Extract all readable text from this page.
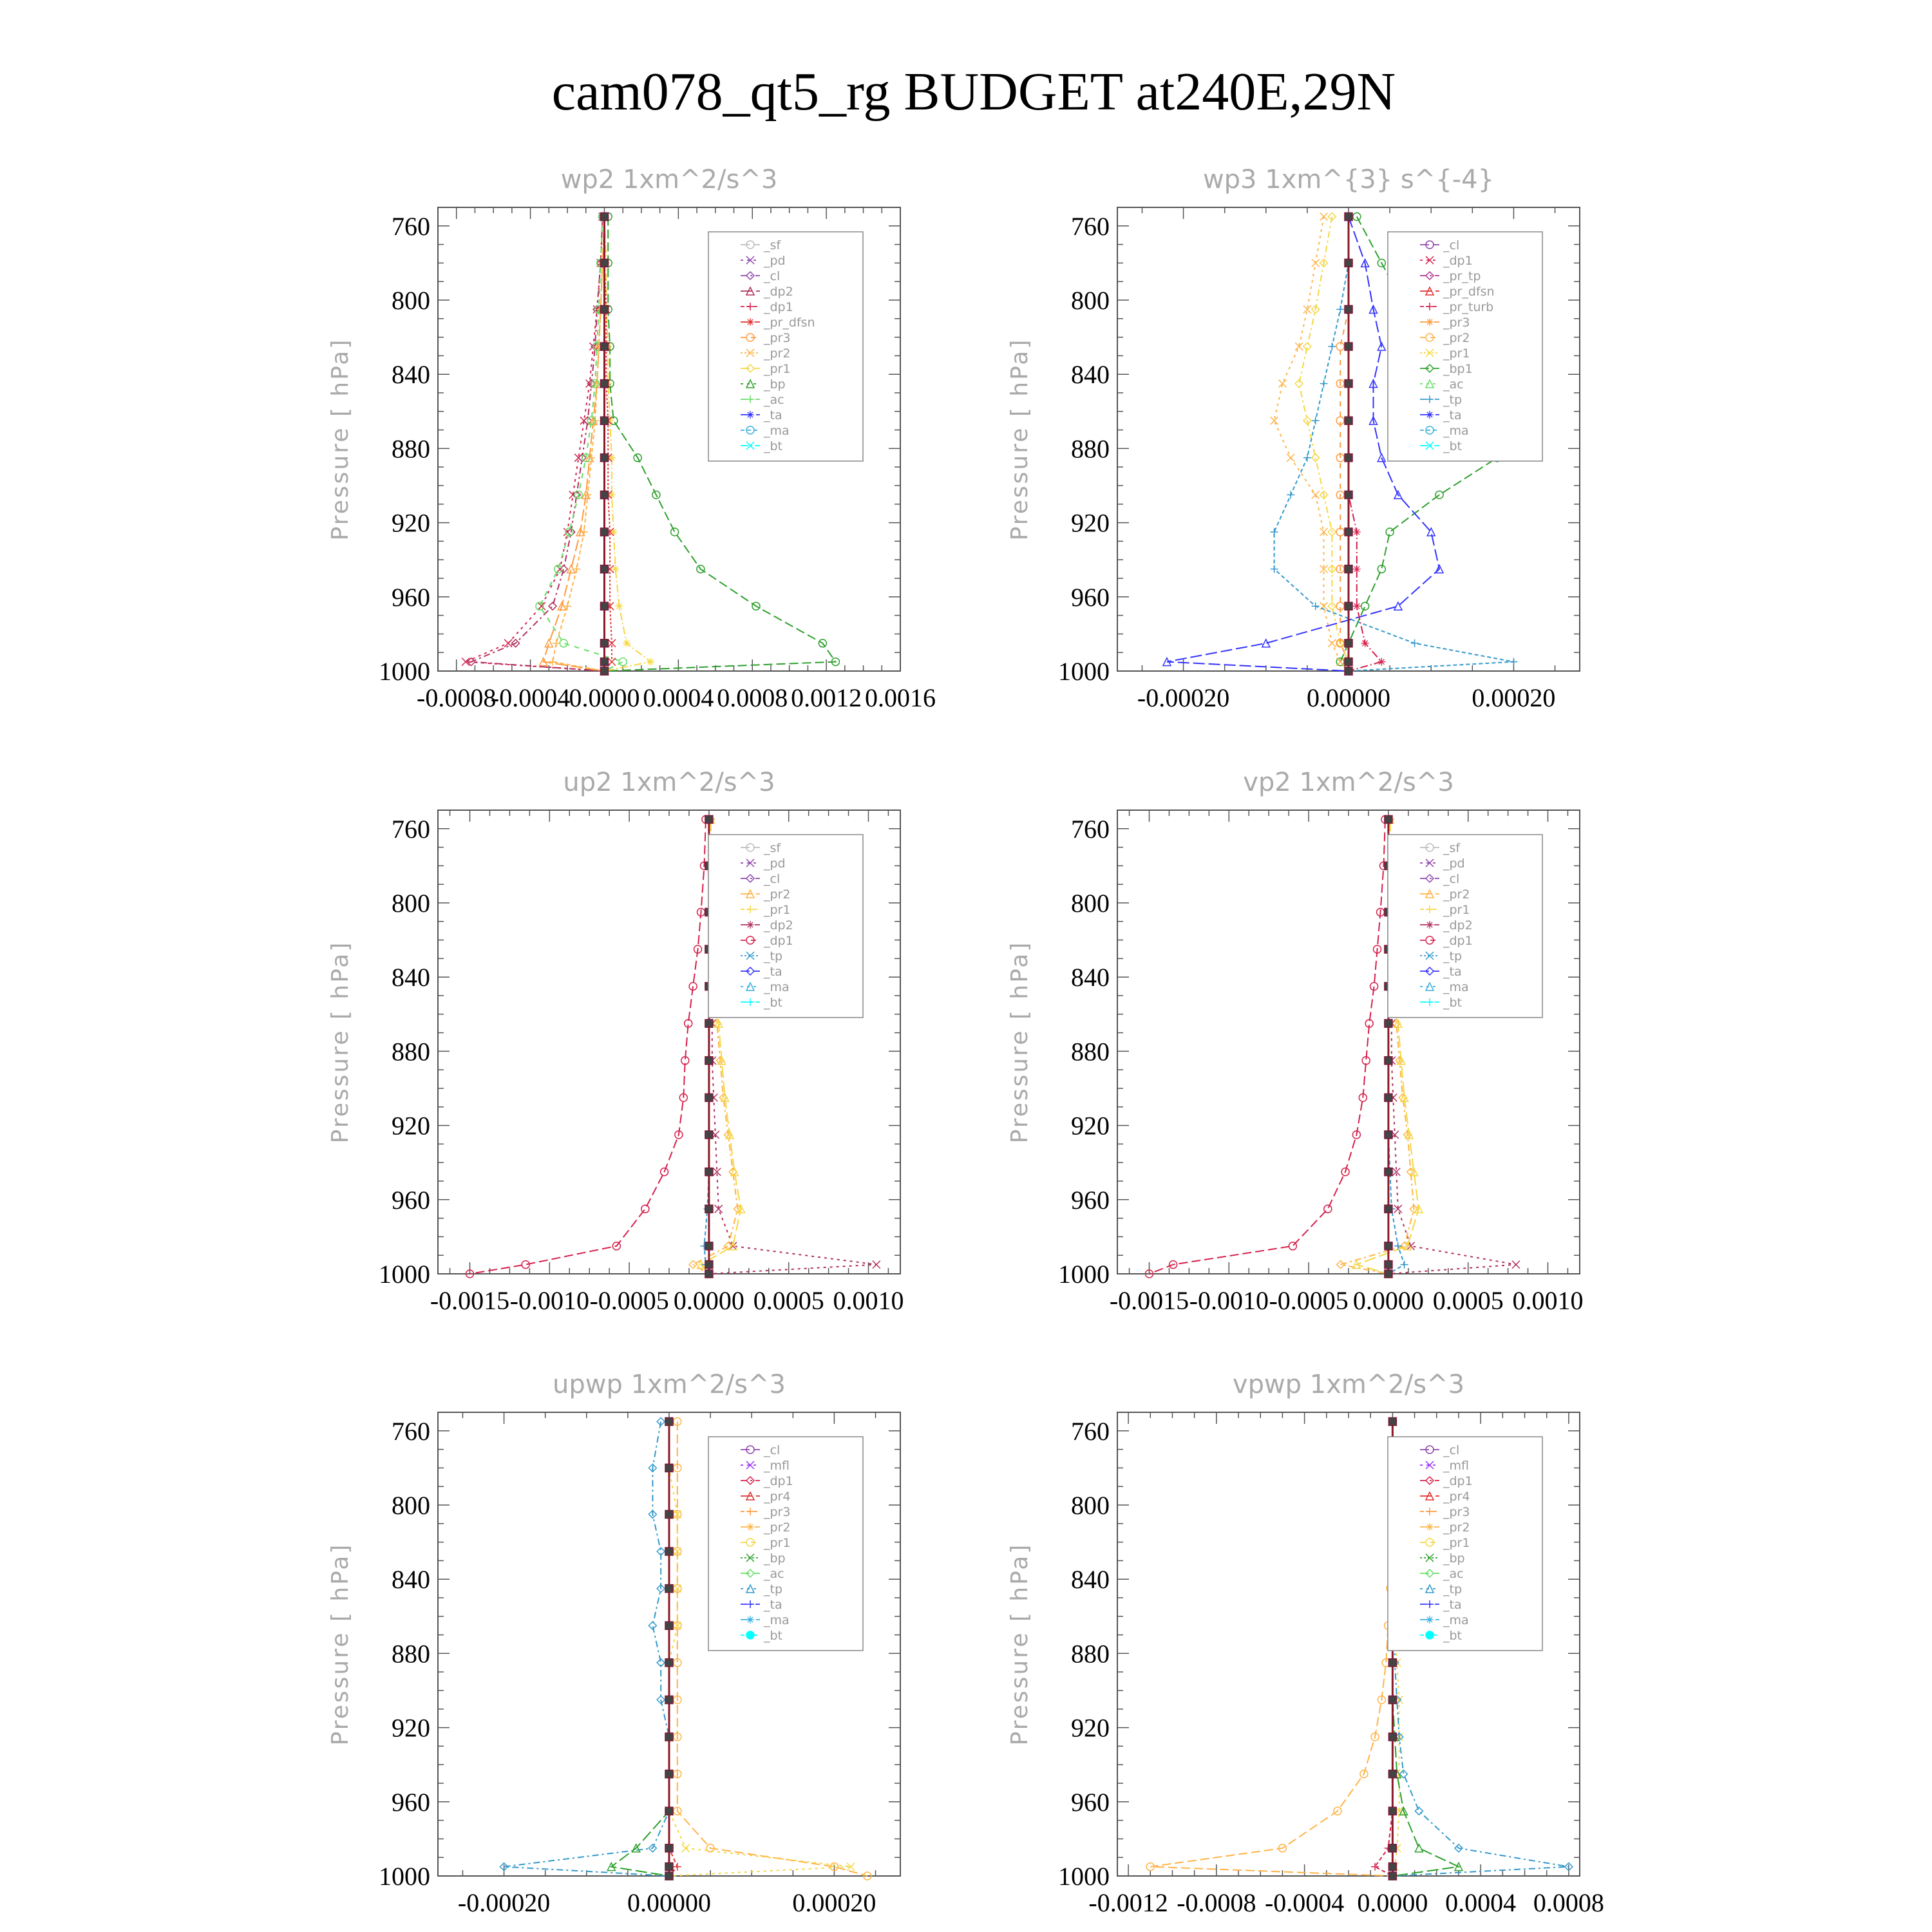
cam078_qt5_rg BUDGET at240E,29N
wp2 1xm^2/s^3
760
800
840
880
920
960
1000
-0.0008
-0.0004
0.0000 0.0004 0.0008 0.0012 0.0016
Pressure [ hPa]
_sf
_pd
_cl
_dp2
_dp1
_pr_dfsn
_pr3
_pr2
_pr1
_bp
_ac
_ta
_ma
_bt
wp3 1xm^{3} s^{-4}
760
800
840
880
920
960
1000
-0.00020	0.00000	0.00020
Pressure [ hPa]
_cl
_dp1
_pr_tp
_pr_dfsn
_pr_turb
_pr3
_pr2
_pr1
_bp1
_ac
_tp
_ta
_ma
_bt
up2 1xm^2/s^3
760
800
840
880
920
960
1000
-0.0015 -0.0010 -0.0005 0.0000 0.0005 0.0010
Pressure [ hPa]
_sf
_pd
_cl
_pr2
_pr1
_dp2
_dp1
_tp
_ta
_ma
_bt
vp2 1xm^2/s^3
760
800
840
880
920
960
1000
-0.0015 -0.0010 -0.0005 0.0000 0.0005 0.0010
Pressure [ hPa]
_sf
_pd
_cl
_pr2
_pr1
_dp2
_dp1
_tp
_ta
_ma
_bt
upwp 1xm^2/s^3
760
800
840
880
920
960
1000
-0.00020	0.00000	0.00020
Pressure [ hPa]
_cl
_mfl
_dp1
_pr4
_pr3
_pr2
_pr1
_bp
_ac
_tp
_ta
_ma
_bt
vpwp 1xm^2/s^3
760
800
840
880
920
960
1000
-0.0012 -0.0008 -0.0004 0.0000 0.0004 0.0008
Pressure [ hPa]
_cl
_mfl
_dp1
_pr4
_pr3
_pr2
_pr1
_bp
_ac
_tp
_ta
_ma
_bt
